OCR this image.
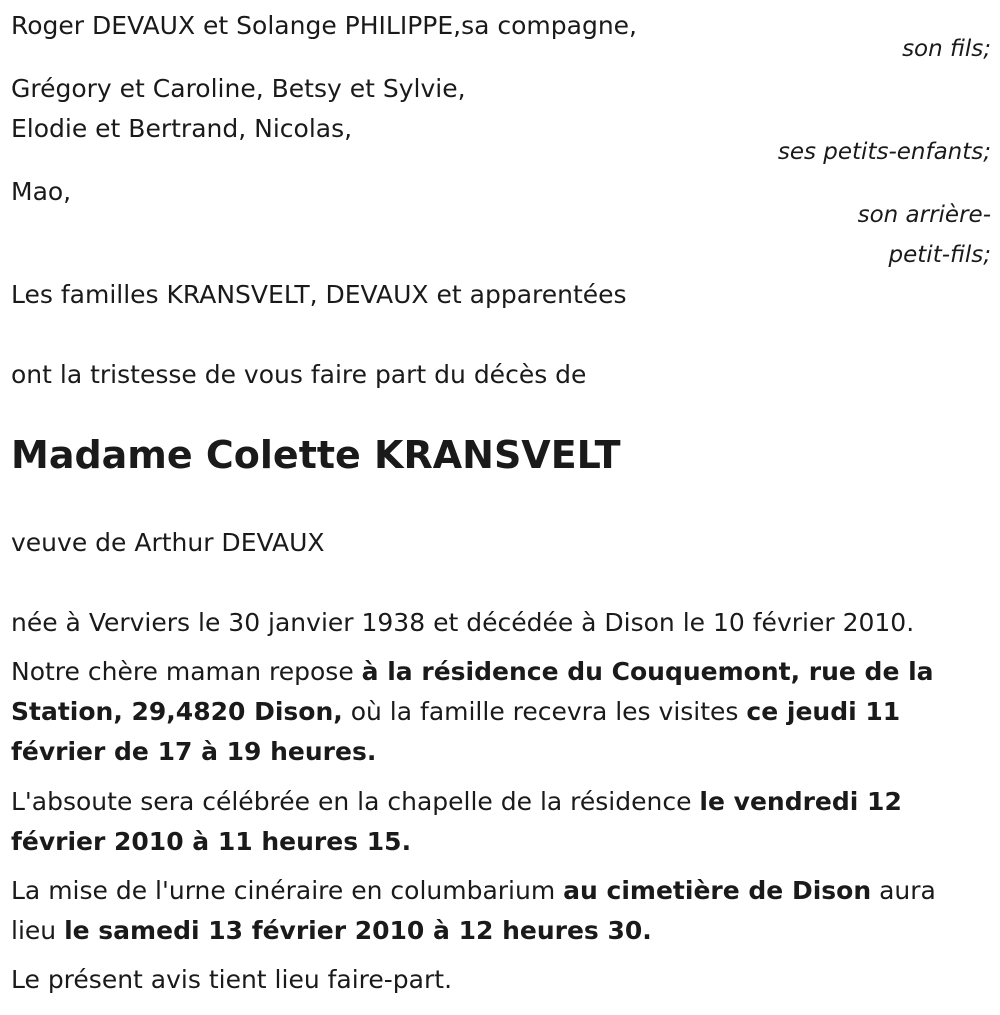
Roger DEVAUX et Solange PHILIPPE,sa compagne,
son fils;
Grégory et Caroline, Betsy et Sylvie,
Elodie et Bertrand, Nicolas,
ses petits-enfants;
Mao,
son arrière-
petit-fils;
Les familles KRANSVELT, DEVAUX et apparentées
ont la tristesse de vous faire part du décès de
Madame Colette KRANSVELT
veuve de Arthur DEVAUX
née à Verviers le 30 janvier 1938 et décédée à Dison le 10 février 2010.
Notre chère maman repose à la résidence du Couquemont, rue de la Station, 29,4820 Dison, où la famille recevra les visites ce jeudi 11 février de 17 à 19 heures.
L'absoute sera célébrée en la chapelle de la résidence le vendredi 12 février 2010 à 11 heures 15.
La mise de l'urne cinéraire en columbarium au cimetière de Dison aura lieu le samedi 13 février 2010 à 12 heures 30.
Le présent avis tient lieu faire-part.
